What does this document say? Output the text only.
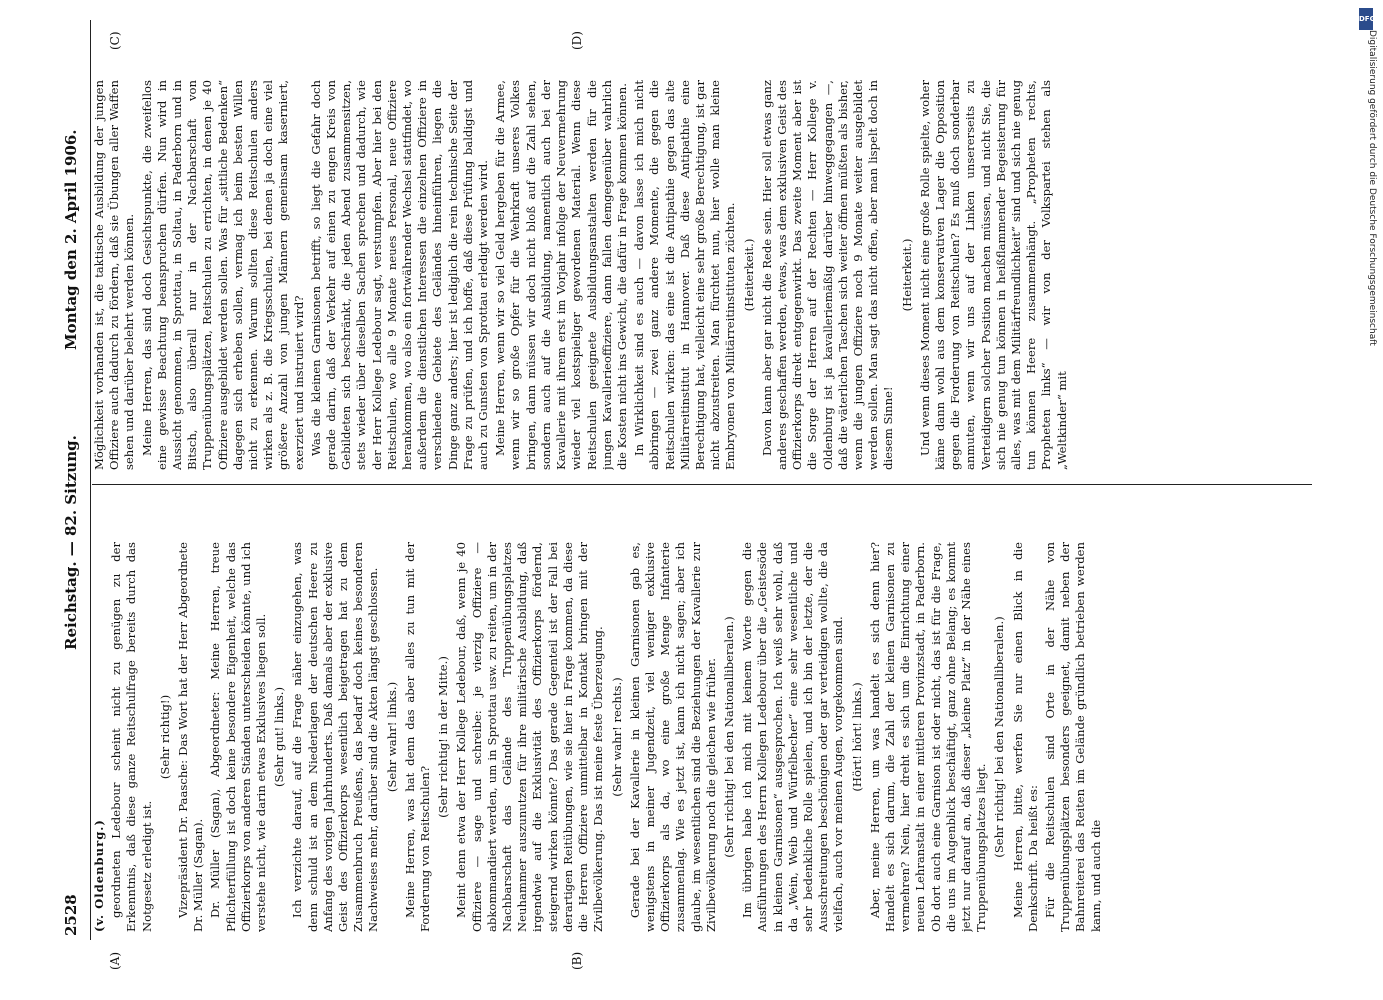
2528
Reichstag. — 82. Sitzung.
Montag den 2. April 1906.
(A)	(B)
(C)	(D)

(v. Oldenburg.) geordneten Ledebour scheint nicht zu genügen zu der Erkenntnis, daß diese ganze Reitschulfrage bereits durch das Notgesetz erledigt ist.

(Sehr richtig!) Vizepräsident Dr. Paasche: Das Wort hat der Herr Abgeordnete Dr. Müller (Sagan). Dr. Müller (Sagan), Abgeordneter: Meine Herren, treue Pflichterfüllung ist doch keine besondere Eigenheit, welche das Offizierkorps von anderen Ständen unterscheiden könnte, und ich verstehe nicht, wie darin etwas Exklusives liegen soll. (Sehr gut! links.) Ich verzichte darauf, auf die Frage näher einzugehen, was denn schuld ist an dem Niederlagen der deutschen Heere zu Anfang des vorigen Jahrhunderts. Daß damals aber der exklusive Geist des Offizierkorps wesentlich beigetragen hat zu dem Zusammenbruch Preußens, das bedarf doch keines besonderen Nachweises mehr, darüber sind die Akten längst geschlossen. (Sehr wahr! links.) Meine Herren, was hat denn das aber alles zu tun mit der Forderung von Reitschulen?

(Sehr richtig! in der Mitte.) Meint denn etwa der Herr Kollege Ledebour, daß, wenn je 40 Offiziere — sage und schreibe: je vierzig Offiziere — abkommandiert werden, um in Sprottau usw. zu reiten, um in der Nachbarschaft das Gelände des Truppenübungsplatzes Neuhammer auszunutzen für ihre militärische Ausbildung, daß irgendwie auf die Exklusivität des Offizierkorps fördernd, steigernd wirken könnte? Das gerade Gegenteil ist der Fall bei derartigen Reitübungen, wie sie hier in Frage kommen, da diese die Herren Offiziere unmittelbar in Kontakt bringen mit der Zivilbevölkerung. Das ist meine feste Überzeugung. (Sehr wahr! rechts.) Gerade bei der Kavallerie in kleinen Garnisonen gab es, wenigstens in meiner Jugendzeit, viel weniger exklusive Offizierkorps als da, wo eine große Menge Infanterie zusammenlag. Wie es jetzt ist, kann ich nicht sagen; aber ich glaube, im wesentlichen sind die Beziehungen der Kavallerie zur Zivilbevölkerung noch die gleichen wie früher. (Sehr richtig! bei den Nationalliberalen.) Im übrigen habe ich mich mit keinem Worte gegen die Ausführungen des Herrn Kollegen Ledebour über die „Geistesöde in kleinen Garnisonen“ ausgesprochen. Ich weiß sehr wohl, daß da „Wein, Weib und Würfelbecher“ eine sehr wesentliche und sehr bedenkliche Rolle spielen, und ich bin der letzte, der die Ausschreitungen beschönigen oder gar verteidigen wollte, die da vielfach, auch vor meinen Augen, vorgekommen sind. (Hört! hört! links.) Aber, meine Herren, um was handelt es sich denn hier? Handelt es sich darum, die Zahl der kleinen Garnisonen zu vermehren? Nein, hier dreht es sich um die Einrichtung einer neuen Lehranstalt in einer mittleren Provinzstadt, in Paderborn. Ob dort auch eine Garnison ist oder nicht, das ist für die Frage, die uns im Augenblick beschäftigt, ganz ohne Belang; es kommt jetzt nur darauf an, daß dieser „kleine Platz“ in der Nähe eines Truppenübungsplatzes liegt. (Sehr richtig! bei den Nationalliberalen.) Meine Herren, bitte, werfen Sie nur einen Blick in die Denkschrift. Da heißt es: Für die Reitschulen sind Orte in der Nähe von Truppenübungsplätzen besonders geeignet, damit neben der Bahnreiterei das Reiten im Gelände gründlich betrieben werden kann, und auch die

Möglichkeit vorhanden ist, die taktische Ausbildung der jungen Offiziere auch dadurch zu fördern, daß sie Übungen aller Waffen sehen und darüber belehrt werden können. Meine Herren, das sind doch Gesichtspunkte, die zweifellos eine gewisse Beachtung beanspruchen dürfen. Nun wird in Aussicht genommen, in Sprottau, in Soltau, in Paderborn und in Bitsch, also überall nur in der Nachbarschaft von Truppenübungsplätzen, Reitschulen zu errichten, in denen je 40 Offiziere ausgebildet werden sollen. Was für „sittliche Bedenken“ dagegen sich erheben sollen, vermag ich beim besten Willen nicht zu erkennen. Warum sollten diese Reitschulen anders wirken als z. B. die Kriegsschulen, bei denen ja doch eine viel größere Anzahl von jungen Männern gemeinsam kaserniert, exerziert und instruiert wird? Was die kleinen Garnisonen betrifft, so liegt die Gefahr doch gerade darin, daß der Verkehr auf einen zu engen Kreis von Gebildeten sich beschränkt, die jeden Abend zusammensitzen, stets wieder über dieselben Sachen sprechen und dadurch, wie der Herr Kollege Ledebour sagt, verstumpfen. Aber hier bei den Reitschulen, wo alle 9 Monate neues Personal, neue Offiziere herankommen, wo also ein fortwährender Wechsel stattfindet, wo außerdem die dienstlichen Interessen die einzelnen Offiziere in verschiedene Gebiete des Geländes hineinführen, liegen die Dinge ganz anders; hier ist lediglich die rein technische Seite der Frage zu prüfen, und ich hoffe, daß diese Prüfung baldigst und auch zu Gunsten von Sprottau erledigt werden wird. Meine Herren, wenn wir so viel Geld hergeben für die Armee, wenn wir so große Opfer für die Wehrkraft unseres Volkes bringen, dann müssen wir doch nicht bloß auf die Zahl sehen, sondern auch auf die Ausbildung, namentlich auch bei der Kavallerie mit ihrem erst im Vorjahr infolge der Neuvermehrung wieder viel kostspieliger gewordenen Material. Wenn diese Reitschulen geeignete Ausbildungsanstalten werden für die jungen Kavallerieoffiziere, dann fallen demgegenüber wahrlich die Kosten nicht ins Gewicht, die dafür in Frage kommen können. In Wirklichkeit sind es auch — davon lasse ich mich nicht abbringen — zwei ganz andere Momente, die gegen die Reitschulen wirken: das eine ist die Antipathie gegen das alte Militärreitinstitut in Hannover. Daß diese Antipathie eine Berechtigung hat, vielleicht eine sehr große Berechtigung, ist gar nicht abzustreiten. Man fürchtet nun, hier wolle man kleine Embryonen von Militärreitinstituten züchten. (Heiterkeit.) Davon kann aber gar nicht die Rede sein. Hier soll etwas ganz anderes geschaffen werden, etwas, was dem exklusiven Geist des Offizierkorps direkt entgegenwirkt. Das zweite Moment aber ist die Sorge der Herren auf der Rechten — Herr Kollege v. Oldenburg ist ja kavalleriemäßig darüber hinweggegangen —, daß die väterlichen Taschen sich weiter öffnen müßten als bisher, wenn die jungen Offiziere noch 9 Monate weiter ausgebildet werden sollen. Man sagt das nicht offen, aber man lispelt doch in diesem Sinne!

(Heiterkeit.) Und wenn dieses Moment nicht eine große Rolle spielte, woher käme dann wohl aus dem konservativen Lager die Opposition gegen die Forderung von Reitschulen? Es muß doch sonderbar anmuten, wenn wir uns auf der Linken unsererseits zu Verteidigern solcher Position machen müssen, und nicht Sie, die sich nie genug tun können in heißflammender Begeisterung für alles, was mit dem Militärfreundlichkeit“ sind und sich nie genug tun können Heere zusammenhängt. „Propheten rechts, Propheten links“ — wir von der Volkspartei stehen als „Weltkinder“ mit

Digitalisierung gefördert durch die Deutsche Forschungsgemeinschaft
DFG
